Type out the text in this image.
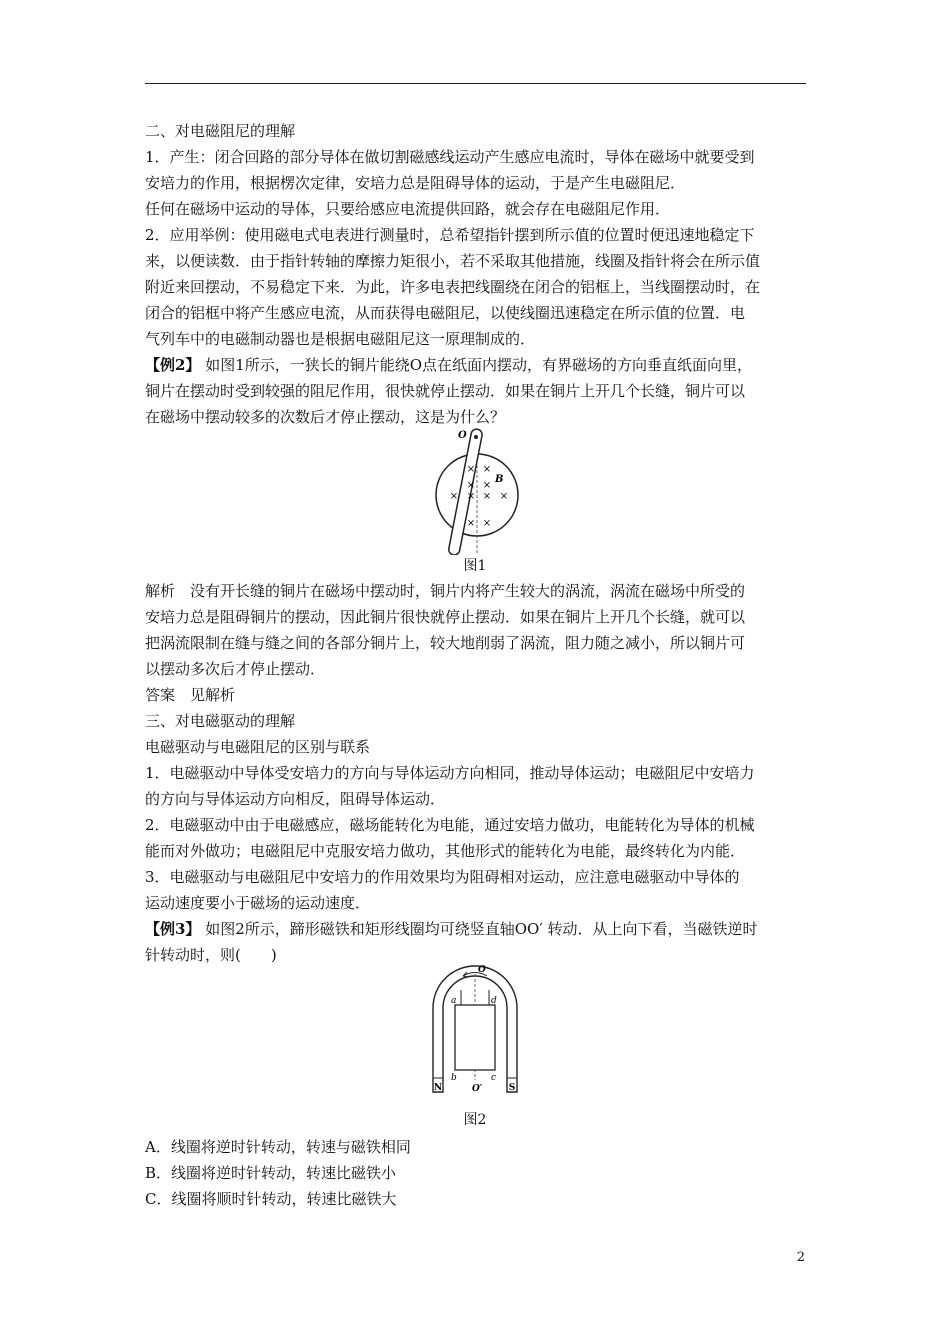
二、对电磁阻尼的理解
1．产生：闭合回路的部分导体在做切割磁感线运动产生感应电流时，导体在磁场中就要受到
安培力的作用，根据楞次定律，安培力总是阻碍导体的运动，于是产生电磁阻尼．
任何在磁场中运动的导体，只要给感应电流提供回路，就会存在电磁阻尼作用．
2．应用举例：使用磁电式电表进行测量时，总希望指针摆到所示值的位置时便迅速地稳定下
来，以便读数．由于指针转轴的摩擦力矩很小，若不采取其他措施，线圈及指针将会在所示值
附近来回摆动，不易稳定下来．为此，许多电表把线圈绕在闭合的铝框上，当线圈摆动时，在
闭合的铝框中将产生感应电流，从而获得电磁阻尼，以使线圈迅速稳定在所示值的位置．电
气列车中的电磁制动器也是根据电磁阻尼这一原理制成的．
【例2】 如图1所示，一狭长的铜片能绕O点在纸面内摆动，有界磁场的方向垂直纸面向里，
铜片在摆动时受到较强的阻尼作用，很快就停止摆动．如果在铜片上开几个长缝，铜片可以
在磁场中摆动较多的次数后才停止摆动，这是为什么？
O
B
× ×
× ×
× × × ×
× ×
图1
解析　没有开长缝的铜片在磁场中摆动时，铜片内将产生较大的涡流，涡流在磁场中所受的
安培力总是阻碍铜片的摆动，因此铜片很快就停止摆动．如果在铜片上开几个长缝，就可以
把涡流限制在缝与缝之间的各部分铜片上，较大地削弱了涡流，阻力随之减小，所以铜片可
以摆动多次后才停止摆动．
答案　见解析
三、对电磁驱动的理解
电磁驱动与电磁阻尼的区别与联系
1．电磁驱动中导体受安培力的方向与导体运动方向相同，推动导体运动；电磁阻尼中安培力
的方向与导体运动方向相反，阻碍导体运动．
2．电磁驱动中由于电磁感应，磁场能转化为电能，通过安培力做功，电能转化为导体的机械
能而对外做功；电磁阻尼中克服安培力做功，其他形式的能转化为电能，最终转化为内能．
3．电磁驱动与电磁阻尼中安培力的作用效果均为阻碍相对运动，应注意电磁驱动中导体的
运动速度要小于磁场的运动速度．
【例3】 如图2所示，蹄形磁铁和矩形线圈均可绕竖直轴OO′ 转动．从上向下看，当磁铁逆时
针转动时，则(　　)
N	S
O
O′
a	d
b	c
图2
A．线圈将逆时针转动，转速与磁铁相同
B．线圈将逆时针转动，转速比磁铁小
C．线圈将顺时针转动，转速比磁铁大
2
